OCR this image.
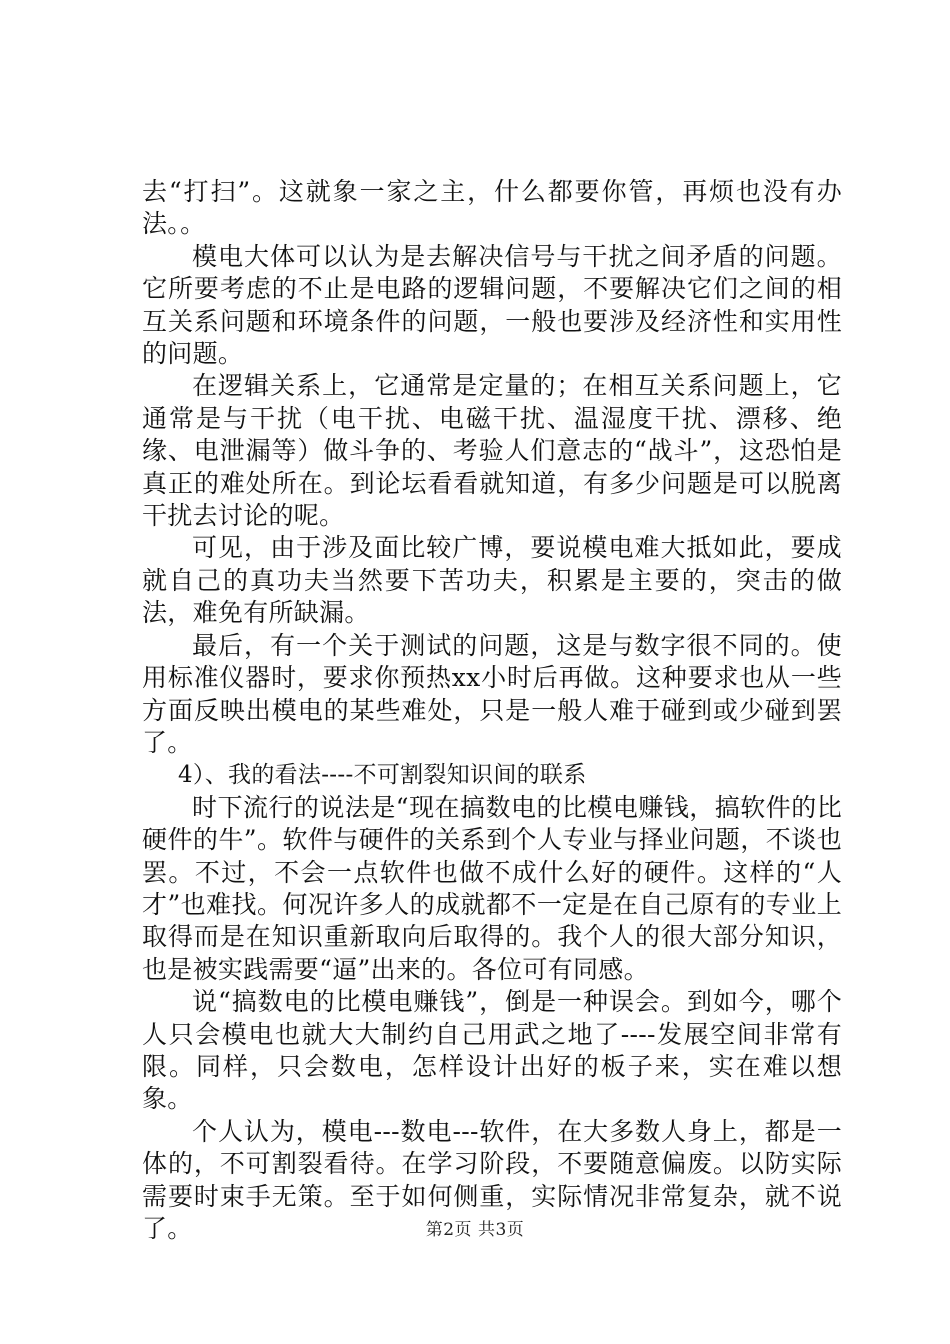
去“打扫”。这就象一家之主，什么都要你管，再烦也没有办法。。

模电大体可以认为是去解决信号与干扰之间矛盾的问题。它所要考虑的不止是电路的逻辑问题，不要解决它们之间的相互关系问题和环境条件的问题，一般也要涉及经济性和实用性的问题。

在逻辑关系上，它通常是定量的；在相互关系问题上，它通常是与干扰（电干扰、电磁干扰、温湿度干扰、漂移、绝缘、电泄漏等）做斗争的、考验人们意志的“战斗”，这恐怕是真正的难处所在。到论坛看看就知道，有多少问题是可以脱离干扰去讨论的呢。

可见，由于涉及面比较广博，要说模电难大抵如此，要成就自己的真功夫当然要下苦功夫，积累是主要的，突击的做法，难免有所缺漏。

最后，有一个关于测试的问题，这是与数字很不同的。使用标准仪器时，要求你预热xx小时后再做。这种要求也从一些方面反映出模电的某些难处，只是一般人难于碰到或少碰到罢了。

4）、我的看法----不可割裂知识间的联系

时下流行的说法是“现在搞数电的比模电赚钱，搞软件的比硬件的牛”。软件与硬件的关系到个人专业与择业问题，不谈也罢。不过，不会一点软件也做不成什么好的硬件。这样的“人才”也难找。何况许多人的成就都不一定是在自己原有的专业上取得而是在知识重新取向后取得的。我个人的很大部分知识，也是被实践需要“逼”出来的。各位可有同感。

说“搞数电的比模电赚钱”，倒是一种误会。到如今，哪个人只会模电也就大大制约自己用武之地了----发展空间非常有限。同样，只会数电，怎样设计出好的板子来，实在难以想象。

个人认为，模电---数电---软件，在大多数人身上，都是一体的，不可割裂看待。在学习阶段，不要随意偏废。以防实际需要时束手无策。至于如何侧重，实际情况非常复杂，就不说了。	第2页 共3页
